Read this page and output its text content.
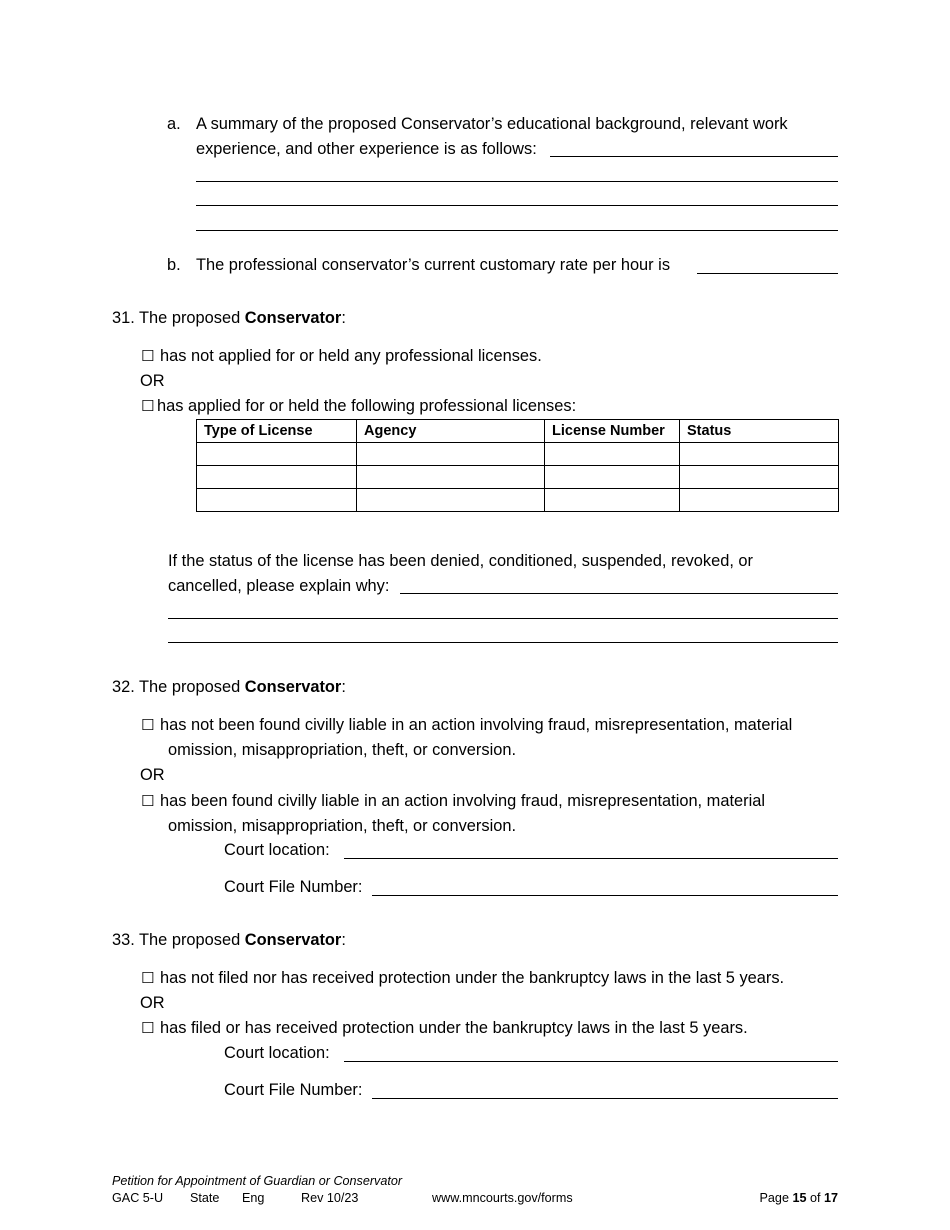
a. A summary of the proposed Conservator’s educational background, relevant work
experience, and other experience is as follows:
b. The professional conservator’s current customary rate per hour is
31. The proposed Conservator:
☐ has not applied for or held any professional licenses.
OR
☐ has applied for or held the following professional licenses:
Type of License	Agency	License Number	Status

If the status of the license has been denied, conditioned, suspended, revoked, or
cancelled, please explain why:
32. The proposed Conservator:
☐ has not been found civilly liable in an action involving fraud, misrepresentation, material
omission, misappropriation, theft, or conversion.
OR
☐ has been found civilly liable in an action involving fraud, misrepresentation, material
omission, misappropriation, theft, or conversion.
Court location:
Court File Number:
33. The proposed Conservator:
☐ has not filed nor has received protection under the bankruptcy laws in the last 5 years.
OR
☐ has filed or has received protection under the bankruptcy laws in the last 5 years.
Court location:
Court File Number:
Petition for Appointment of Guardian or Conservator
GAC 5-U State Eng	Rev 10/23	www.mncourts.gov/forms	Page 15 of 17
